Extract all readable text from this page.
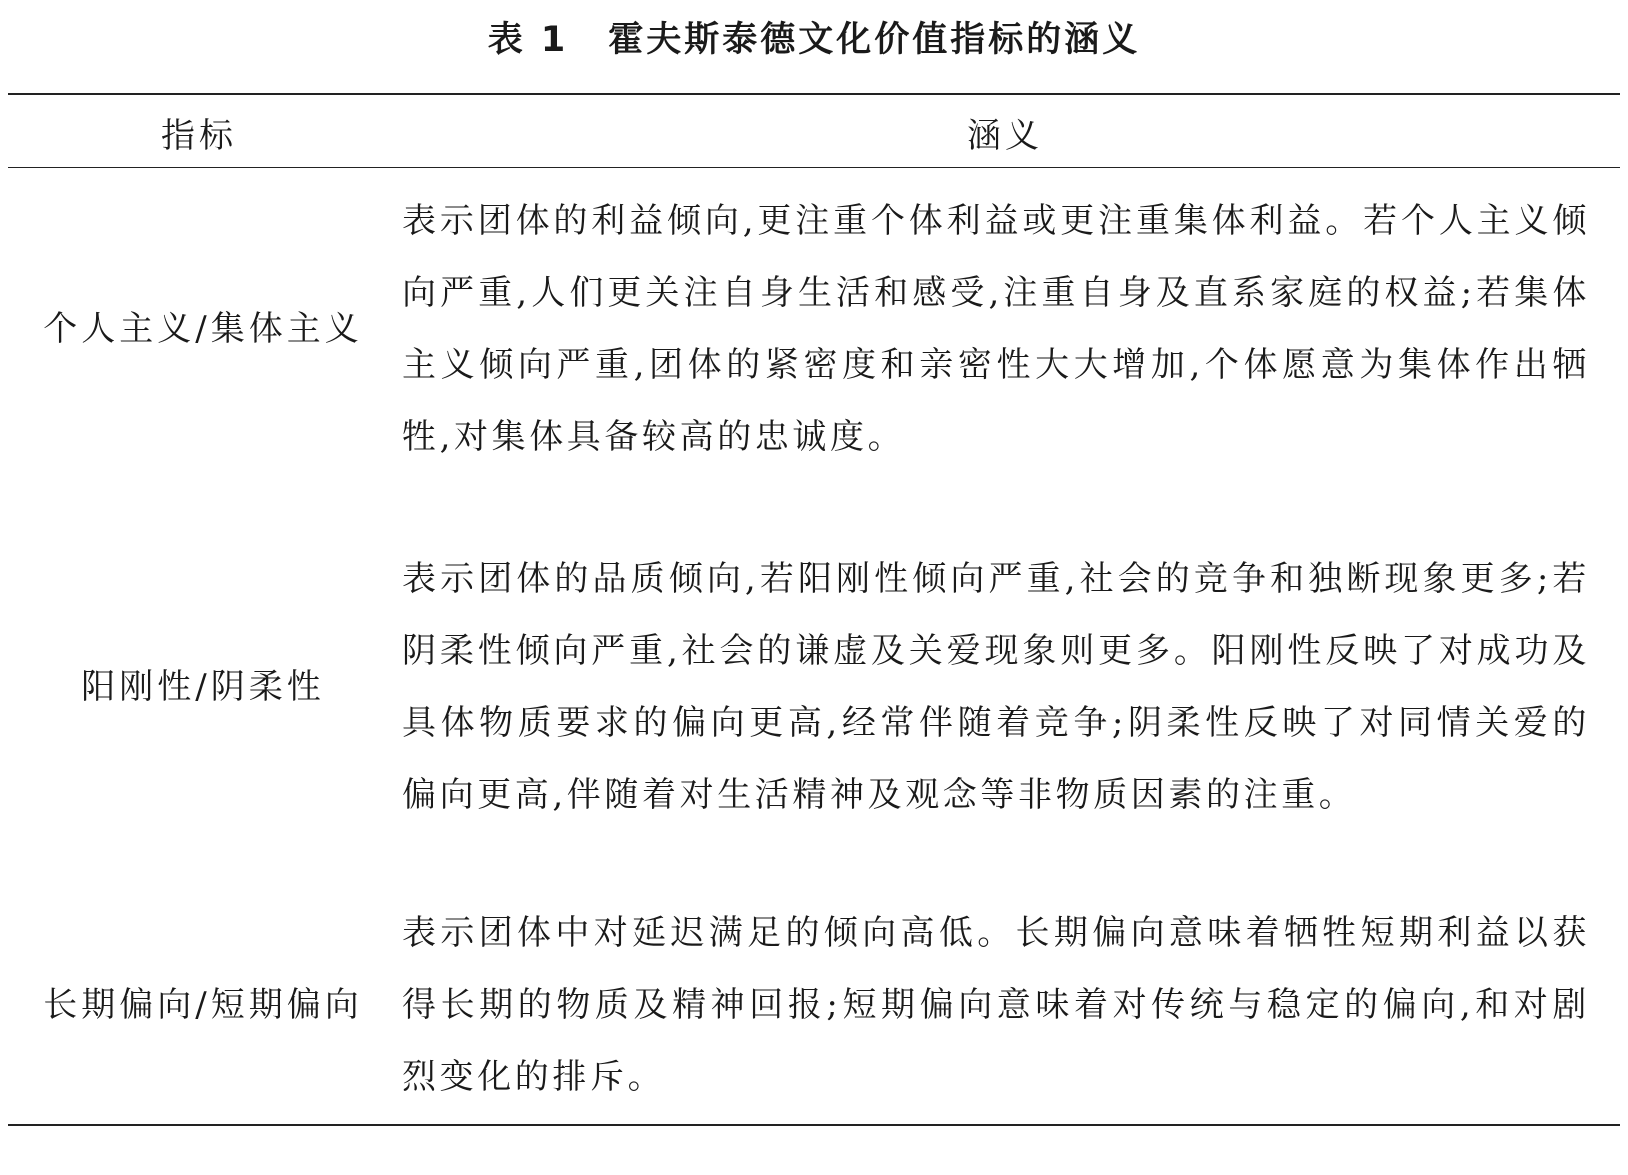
表 1 霍夫斯泰德文化价值指标的涵义
指标	涵义
个人主义/集体主义
表示团体的利益倾向,更注重个体利益或更注重集体利益。若个人主义倾向严重,人们更关注自身生活和感受,注重自身及直系家庭的权益;若集体主义倾向严重,团体的紧密度和亲密性大大增加,个体愿意为集体作出牺牲,对集体具备较高的忠诚度。
阳刚性/阴柔性
表示团体的品质倾向,若阳刚性倾向严重,社会的竞争和独断现象更多;若阴柔性倾向严重,社会的谦虚及关爱现象则更多。阳刚性反映了对成功及具体物质要求的偏向更高,经常伴随着竞争;阴柔性反映了对同情关爱的偏向更高,伴随着对生活精神及观念等非物质因素的注重。
长期偏向/短期偏向
表示团体中对延迟满足的倾向高低。长期偏向意味着牺牲短期利益以获得长期的物质及精神回报;短期偏向意味着对传统与稳定的偏向,和对剧烈变化的排斥。
